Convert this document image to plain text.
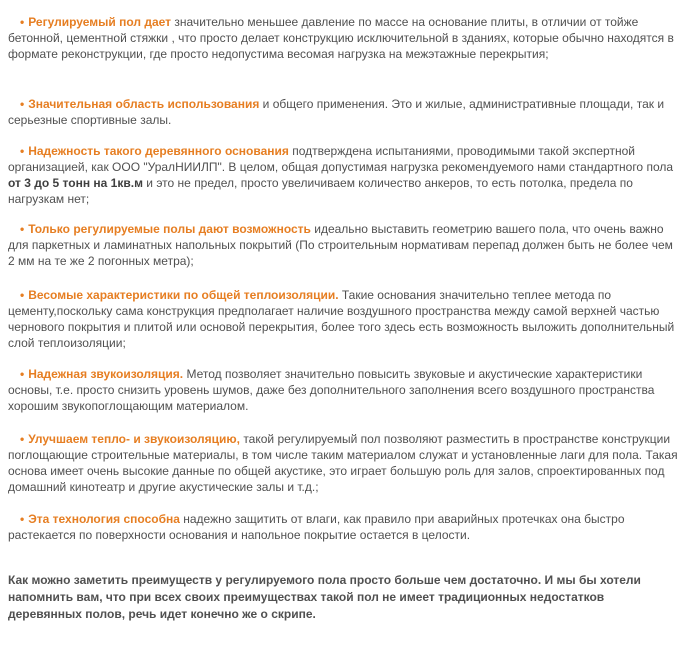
• Регулируемый пол дает значительно меньшее давление по массе на основание плиты, в отличии от тойже бетонной, цементной стяжки , что просто делает конструкцию исключительной в зданиях, которые обычно находятся в формате реконструкции, где просто недопустима весомая нагрузка на межэтажные перекрытия;

• Значительная область использования и общего применения. Это и жилые, административные площади, так и серьезные спортивные залы.

• Надежность такого деревянного основания подтверждена испытаниями, проводимыми такой экспертной организацией, как ООО "УралНИИЛП". В целом, общая допустимая нагрузка рекомендуемого нами стандартного пола от 3 до 5 тонн на 1кв.м и это не предел, просто увеличиваем количество анкеров, то есть потолка, предела по нагрузкам нет;

• Только регулируемые полы дают возможность идеально выставить геометрию вашего пола, что очень важно для паркетных и ламинатных напольных покрытий (По строительным нормативам перепад должен быть не более чем 2 мм на те же 2 погонных метра);

• Весомые характеристики по общей теплоизоляции. Такие основания значительно теплее метода по цементу,поскольку сама конструкция предполагает наличие воздушного пространства между самой верхней частью чернового покрытия и плитой или основой перекрытия, более того здесь есть возможность выложить дополнительный слой теплоизоляции;

• Надежная звукоизоляция. Метод позволяет значительно повысить звуковые и акустические характеристики основы, т.е. просто снизить уровень шумов, даже без дополнительного заполнения всего воздушного пространства хорошим звукопоглощающим материалом.

• Улучшаем тепло- и звукоизоляцию, такой регулируемый пол позволяют разместить в пространстве конструкции поглощающие строительные материалы, в том числе таким материалом служат и установленные лаги для пола. Такая основа имеет очень высокие данные по общей акустике, это играет большую роль для залов, спроектированных под домашний кинотеатр и другие акустические залы и т.д.;

• Эта технология способна надежно защитить от влаги, как правило при аварийных протечках она быстро растекается по поверхности основания и напольное покрытие остается в целости.

Как можно заметить преимуществ у регулируемого пола просто больше чем достаточно. И мы бы хотели напомнить вам, что при всех своих преимуществах такой пол не имеет традиционных недостатков деревянных полов, речь идет конечно же о скрипе.
